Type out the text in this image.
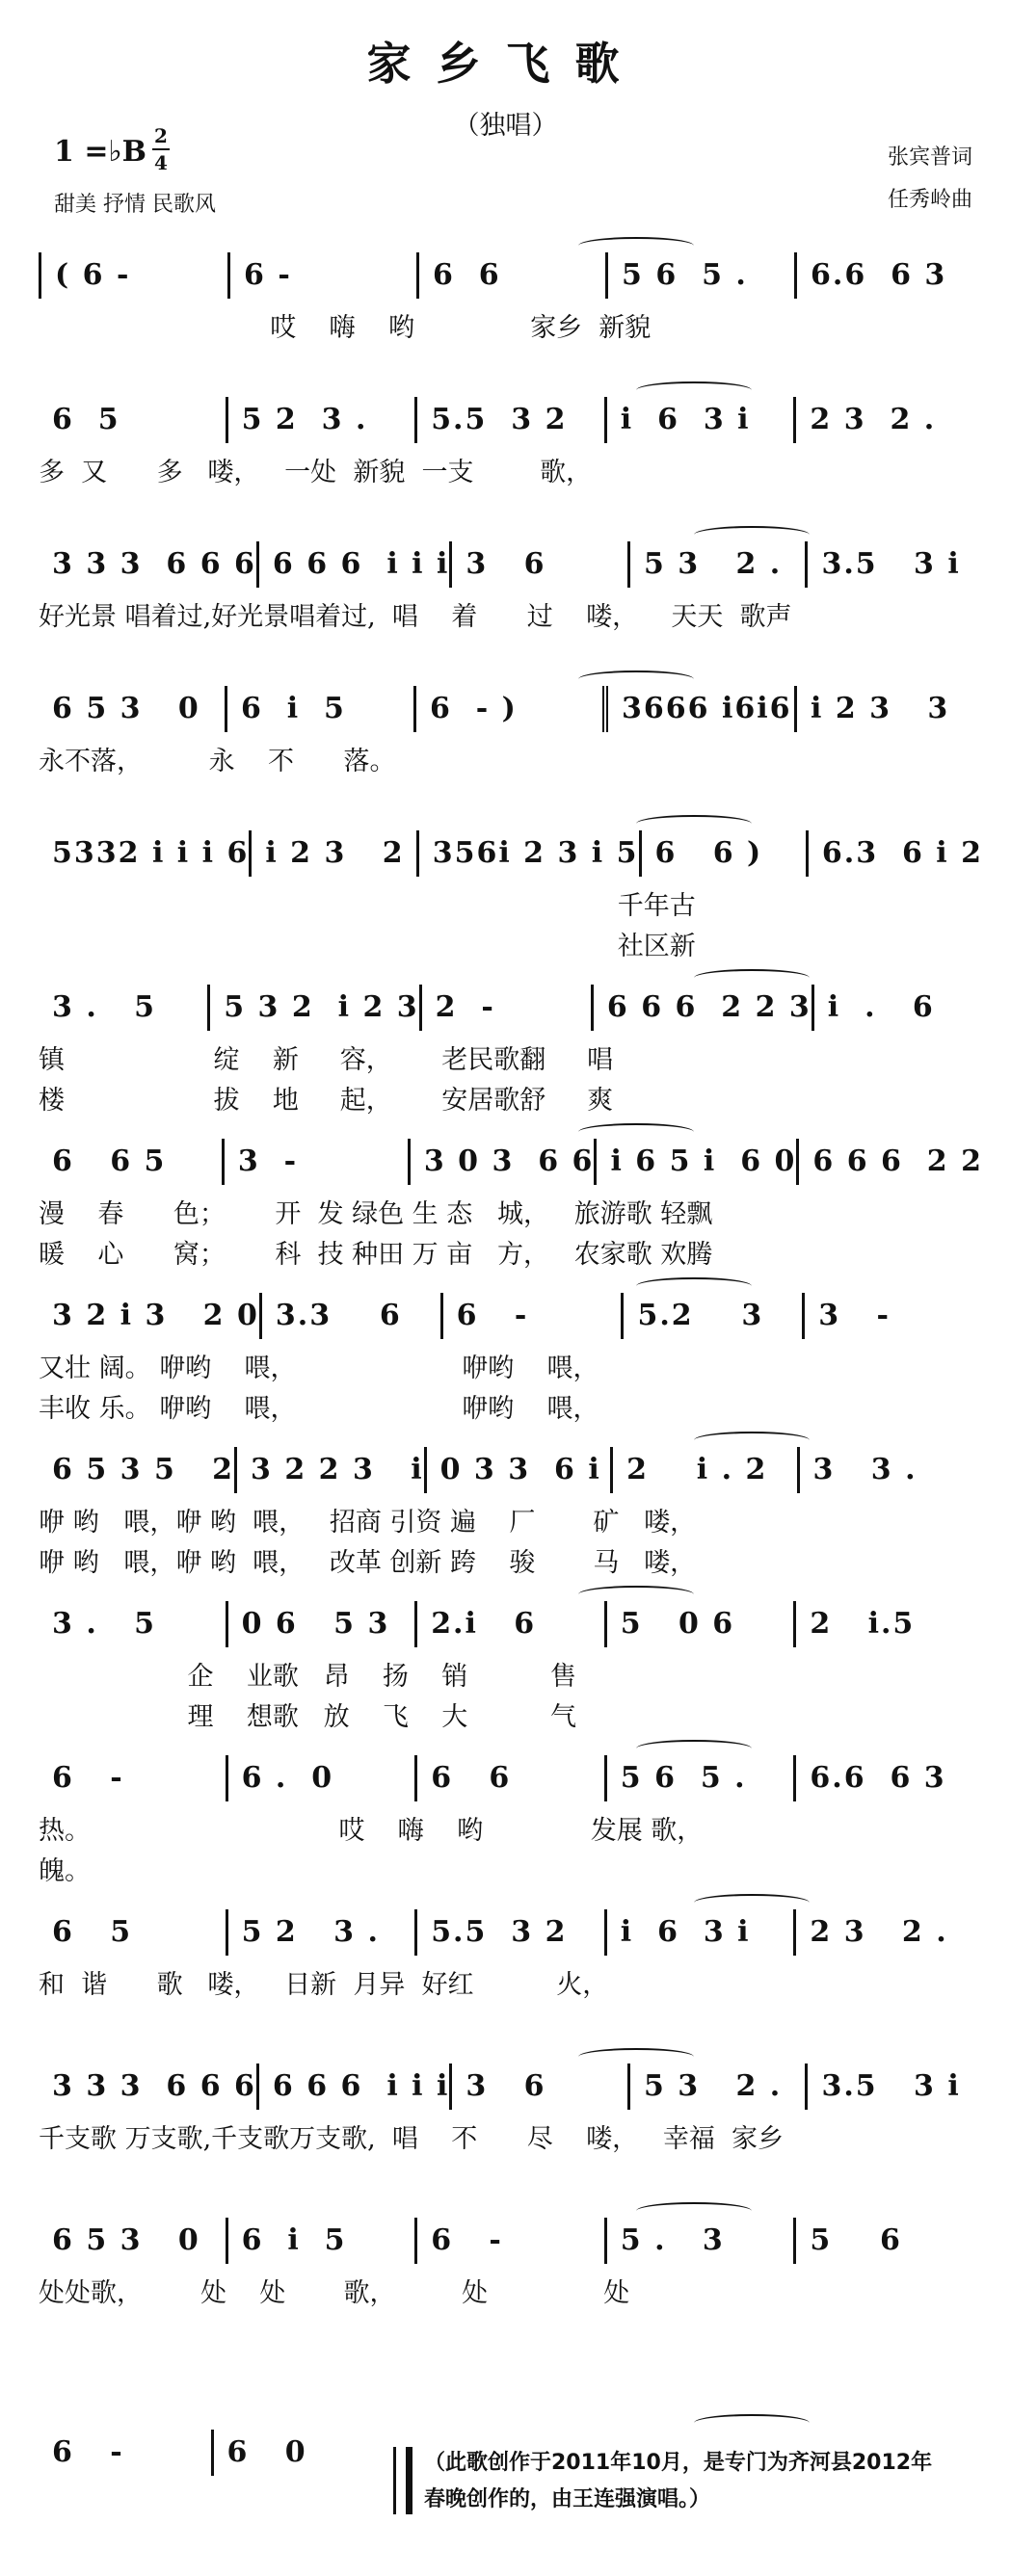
家乡飞歌
（独唱）
1 =♭B 2
4
甜美 抒情 民歌风
张宾普词
任秀岭曲
( 6 -	6 -	6  6	5 6  5 .	6.6  6 3
哎    嗨    哟              家乡  新貌
6  5	5 2  3 .	5.5  3 2	i  6  3 i	2 3  2 .
多  又      多   喽，   一处  新貌  一支        歌，
3 3 3  6 6 6 6 6 6  i i i 3   6	5 3   2 .	3.5   3 i
好光景 唱着过,好光景唱着过,  唱    着      过    喽，    天天  歌声
6 5 3   0	6  i  5	6  - )	3666 i6i6 i 2 3   3
永不落，        永    不      落。
5332 i i i 6 i 2 3   2 356i 2 3 i 5 6   6 )	6.3  6 i 2
千年古
社区新
3 .   5	5 3 2  i 2 3 2  -	6 6 6  2 2 3 i  .   6
镇                  绽    新     容，      老民歌翻     唱
楼                  拔    地     起，      安居歌舒     爽
6   6 5	3  -	3 0 3  6 6 i 6 5 i  6 0 6 6 6  2 2
漫    春      色；      开  发 绿色 生 态   城，   旅游歌 轻飘
暖    心      窝；      科  技 种田 万 亩   方，   农家歌 欢腾
3 2 i 3   2 0 3.3    6	6   -	5.2    3	3   -
又壮 阔。 咿哟    喂，                    咿哟    喂，
丰收 乐。 咿哟    喂，                    咿哟    喂，
6 5 3 5   2 3 2 2 3   i 0 3 3  6 i 2    i . 2	3   3 .
咿 哟   喂，咿 哟  喂，   招商 引资 遍    厂       矿   喽，
咿 哟   喂，咿 哟  喂，   改革 创新 跨    骏       马   喽，
3 .   5	0 6   5 3	2.i   6	5   0 6	2   i.5
企    业歌   昂    扬    销          售
理    想歌   放    飞    大          气
6   -	6 .  0	6   6	5 6  5 .	6.6  6 3
热。                              哎    嗨    哟             发展 歌，
魄。
6   5	5 2   3 .	5.5  3 2	i  6  3 i	2 3   2 .
和  谐      歌   喽，   日新  月异  好红          火，
3 3 3  6 6 6 6 6 6  i i i 3   6	5 3   2 .	3.5   3 i
千支歌 万支歌,千支歌万支歌,  唱    不      尽    喽，   幸福  家乡
6 5 3   0	6  i  5	6   -	5 .   3	5    6
处处歌，       处    处       歌，        处              处
6   -	6   0	（此歌创作于2011年10月，是专门为齐河县2012年
春晚创作的，由王连强演唱。）
